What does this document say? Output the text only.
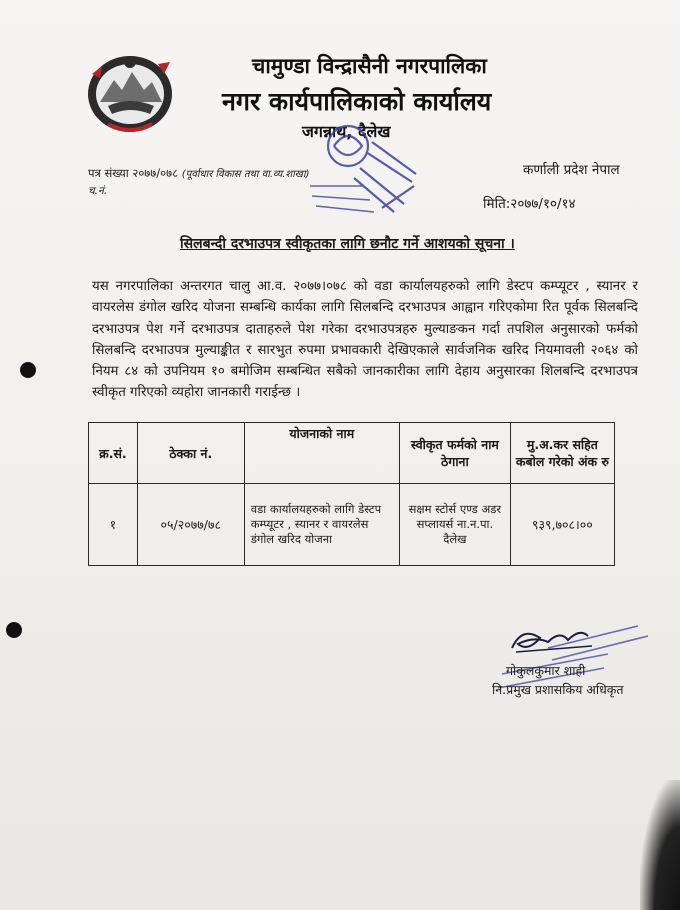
चामुण्डा विन्द्रासैनी नगरपालिका
नगर कार्यपालिकाको कार्यालय
जगन्नाथ, दैलेख
पत्र संख्या २०७७/०७८ (पूर्वाधार विकास तथा वा.व्य.शाखा)
च.नं.
कर्णाली प्रदेश नेपाल
मिति:२०७७/१०/१४
सिलबन्दी दरभाउपत्र स्वीकृतका लागि छनौट गर्ने आशयको सूचना ।
यस नगरपालिका अन्तरगत चालु आ.व. २०७७।०७८ को वडा कार्यालयहरुको लागि डेस्टप कम्प्यूटर , स्यानर र वायरलेस डंगोल खरिद योजना सम्बन्धि कार्यका लागि सिलबन्दि दरभाउपत्र आह्वान गरिएकोमा रित पूर्वक सिलबन्दि दरभाउपत्र पेश गर्ने दरभाउपत्र दाताहरुले पेश गरेका दरभाउपत्रहरु मुल्याङकन गर्दा तपशिल अनुसारको फर्मको सिलबन्दि दरभाउपत्र मुल्याङ्कीत र सारभुत रुपमा प्रभावकारी देखिएकाले सार्वजनिक खरिद नियमावली २०६४ को नियम ८४ को उपनियम १० बमोजिम सम्बन्धित सबैको जानकारीका लागि देहाय अनुसारका शिलबन्दि दरभाउपत्र स्वीकृत गरिएको व्यहोरा जानकारी गराईन्छ ।
क्र.सं.	ठेक्का नं.	योजनाको नाम	स्वीकृत फर्मको नाम ठेगाना	मु.अ.कर सहित कबोल गरेको अंक रु
१	०५/२०७७/७८	वडा कार्यालयहरुको लागि डेस्टप कम्प्यूटर , स्यानर र वायरलेस डंगोल खरिद योजना	सक्षम स्टोर्स एण्ड अडर सप्लायर्स ना.न.पा. दैलेख	९३९,७०८।००
गोकुलकुमार शाही
नि.प्रमुख प्रशासकिय अधिकृत
